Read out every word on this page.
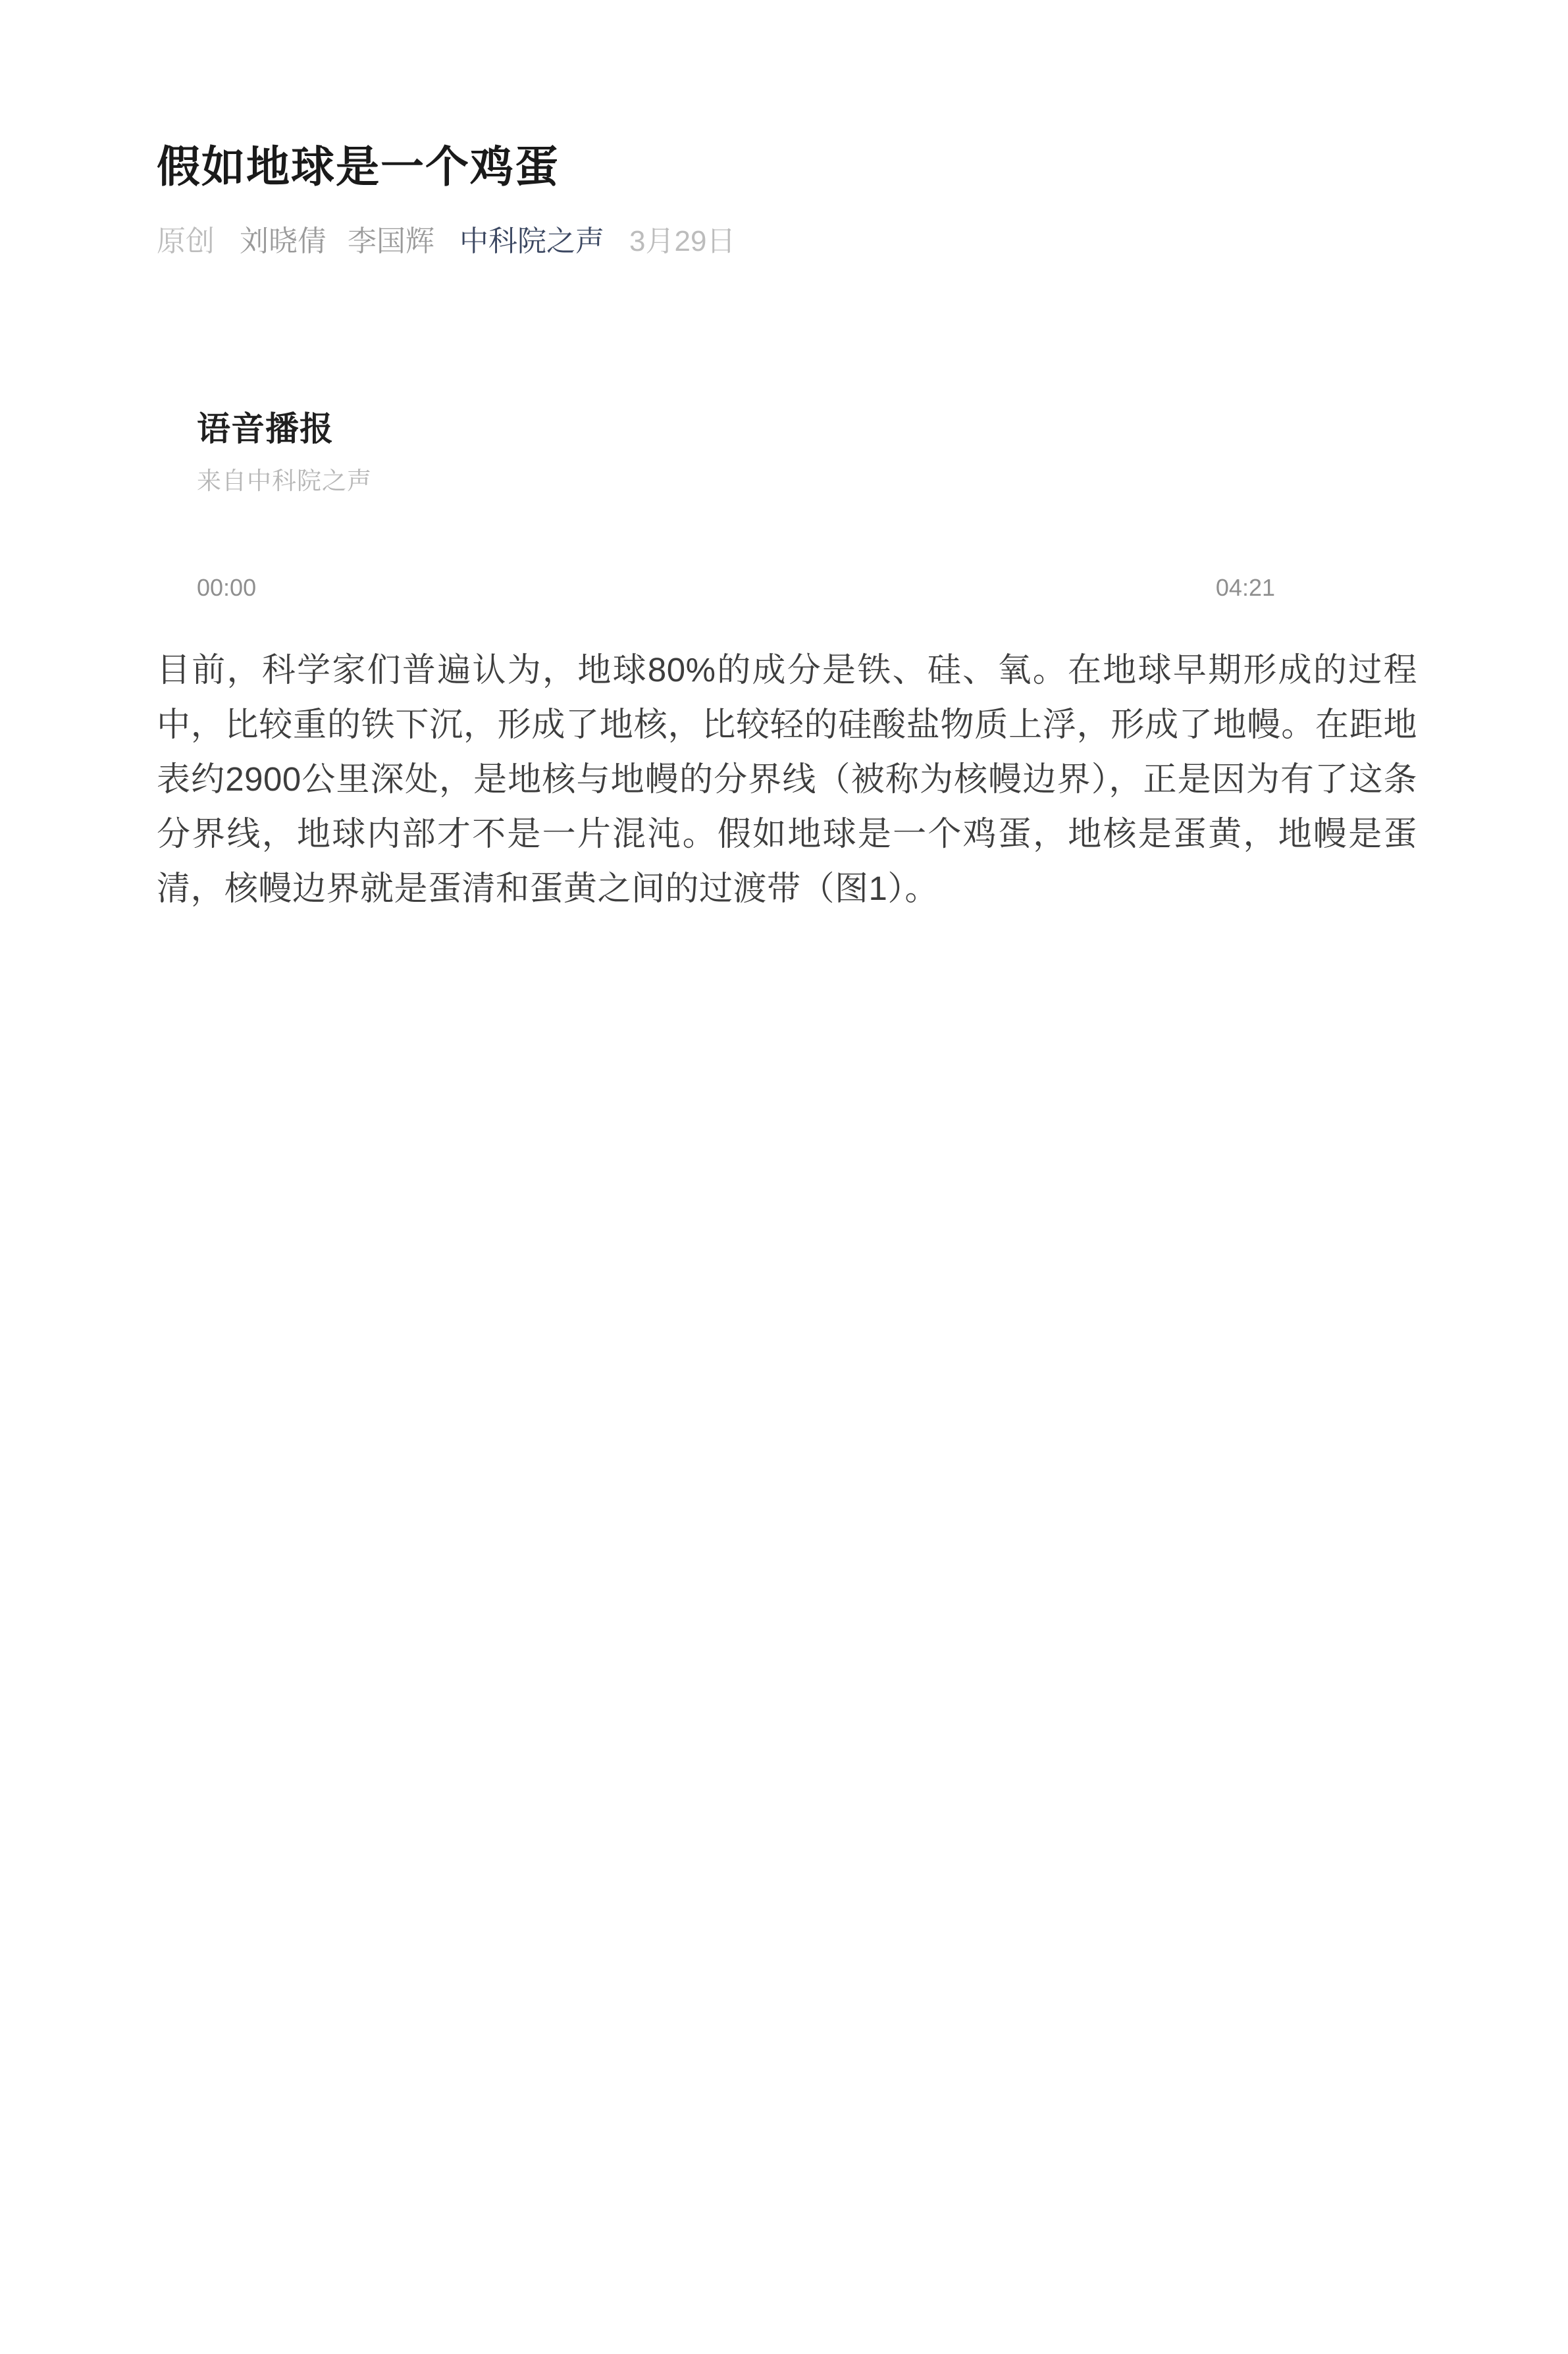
假如地球是一个鸡蛋
原创 刘晓倩 李国辉 中科院之声 3月29日
语音播报
来自中科院之声
00:00	04:21

目前，科学家们普遍认为，地球80%的成分是铁、硅、氧。在地球早期形成的过程中，比较重的铁下沉，形成了地核，比较轻的硅酸盐物质上浮，形成了地幔。在距地表约2900公里深处，是地核与地幔的分界线（被称为核幔边界），正是因为有了这条分界线，地球内部才不是一片混沌。假如地球是一个鸡蛋，地核是蛋黄，地幔是蛋清，核幔边界就是蛋清和蛋黄之间的过渡带（图1）。
